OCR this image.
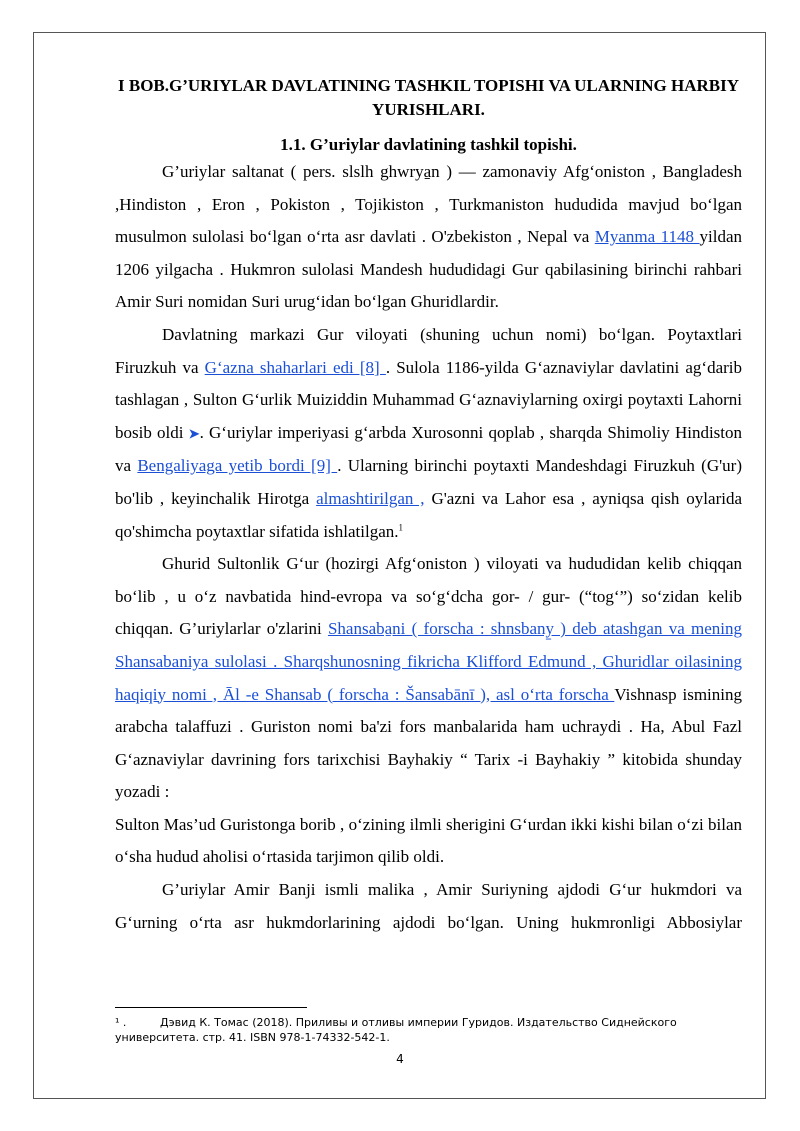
I BOB.G’URIYLAR DAVLATINING TASHKIL TOPISHI VA ULARNING HARBIY YURISHLARI.
1.1. G’uriylar davlatining tashkil topishi.

G’uriylar saltanat ( pers. slslh ghwrya̱n ) — zamonaviy Afg‘oniston , Bangladesh ,Hindiston , Eron , Pokiston , Tojikiston , Turkmaniston hududida mavjud bo‘lgan musulmon sulolasi bo‘lgan o‘rta asr davlati . O'zbekiston , Nepal va Myanma 1148 yildan 1206 yilgacha . Hukmron sulolasi Mandesh hududidagi Gur qabilasining birinchi rahbari Amir Suri nomidan Suri urug‘idan bo‘lgan Ghuridlardir.

Davlatning markazi Gur viloyati (shuning uchun nomi) bo‘lgan. Poytaxtlari Firuzkuh va G‘azna shaharlari edi [8] . Sulola 1186-yilda G‘aznaviylar davlatini ag‘darib tashlagan , Sulton G‘urlik Muiziddin Muhammad G‘aznaviylarning oxirgi poytaxti Lahorni bosib oldi ➤. G‘uriylar imperiyasi g‘arbda Xurosonni qoplab , sharqda Shimoliy Hindiston va Bengaliyaga yetib bordi [9] . Ularning birinchi poytaxti Mandeshdagi Firuzkuh (G'ur) bo'lib , keyinchalik Hirotga almashtirilgan , G'azni va Lahor esa , ayniqsa qish oylarida qo'shimcha poytaxtlar sifatida ishlatilgan.$^1$

Ghurid Sultonlik G‘ur (hozirgi Afg‘oniston ) viloyati va hududidan kelib chiqqan bo‘lib , u o‘z navbatida hind-evropa va so‘g‘dcha gor- / gur- (“tog‘”) so‘zidan kelib chiqqan. G’uriylarlar o'zlarini Shansaba̱ni ( forscha : shnsbany̱ ) deb atashgan va mening Shansabaniya sulolasi . Sharqshunosning fikricha Klifford Edmund , Ghuridlar oilasining haqiqiy nomi , Āl -e Shansab ( forscha : Šansabānī ), asl o‘rta forscha Vishnasp ismining arabcha talaffuzi . Guriston nomi ba'zi fors manbalarida ham uchraydi . Ha, Abul Fazl G‘aznaviylar davrining fors tarixchisi Bayhakiy “ Tarix -i Bayhakiy ” kitobida shunday yozadi :

Sulton Mas’ud Guristonga borib , o‘zining ilmli sherigini G‘urdan ikki kishi bilan o‘zi bilan o‘sha hudud aholisi o‘rtasida tarjimon qilib oldi.

G’uriylar Amir Banji ismli malika , Amir Suriyning ajdodi G‘ur hukmdori va G‘urning o‘rta asr hukmdorlarining ajdodi bo‘lgan. Uning hukmronligi Abbosiylar

¹ .	Дэвид К. Томас (2018). Приливы и отливы империи Гуридов. Издательство Сиднейского университета. стр. 41. ISBN 978-1-74332-542-1.
4
